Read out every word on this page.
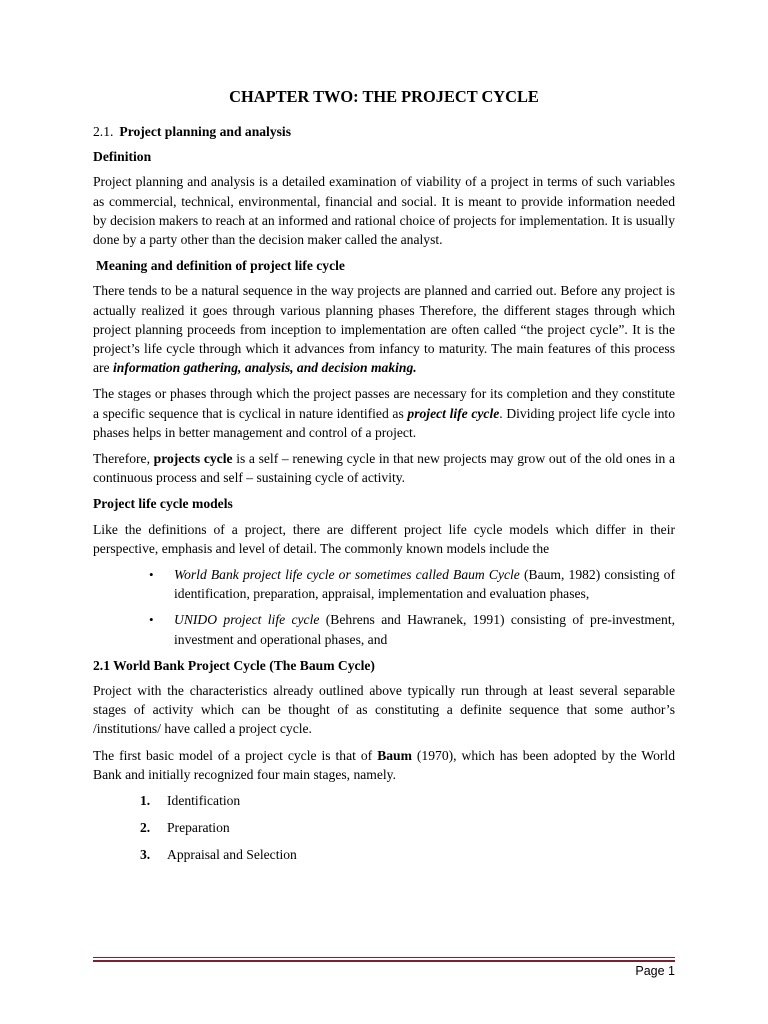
CHAPTER TWO: THE PROJECT CYCLE
2.1. Project planning and analysis
Definition

Project planning and analysis is a detailed examination of viability of a project in terms of such variables as commercial, technical, environmental, financial and social. It is meant to provide information needed by decision makers to reach at an informed and rational choice of projects for implementation. It is usually done by a party other than the decision maker called the analyst.

Meaning and definition of project life cycle

There tends to be a natural sequence in the way projects are planned and carried out. Before any project is actually realized it goes through various planning phases Therefore, the different stages through which project planning proceeds from inception to implementation are often called “the project cycle”. It is the project’s life cycle through which it advances from infancy to maturity. The main features of this process are information gathering, analysis, and decision making.

The stages or phases through which the project passes are necessary for its completion and they constitute a specific sequence that is cyclical in nature identified as project life cycle. Dividing project life cycle into phases helps in better management and control of a project.

Therefore, projects cycle is a self – renewing cycle in that new projects may grow out of the old ones in a continuous process and self – sustaining cycle of activity.

Project life cycle models

Like the definitions of a project, there are different project life cycle models which differ in their perspective, emphasis and level of detail. The commonly known models include the

• World Bank project life cycle or sometimes called Baum Cycle (Baum, 1982) consisting of identification, preparation, appraisal, implementation and evaluation phases,
• UNIDO project life cycle (Behrens and Hawranek, 1991) consisting of pre-investment, investment and operational phases, and
2.1 World Bank Project Cycle (The Baum Cycle)

Project with the characteristics already outlined above typically run through at least several separable stages of activity which can be thought of as constituting a definite sequence that some author’s /institutions/ have called a project cycle.

The first basic model of a project cycle is that of Baum (1970), which has been adopted by the World Bank and initially recognized four main stages, namely.

1. Identification
2. Preparation
3. Appraisal and Selection
Page 1
